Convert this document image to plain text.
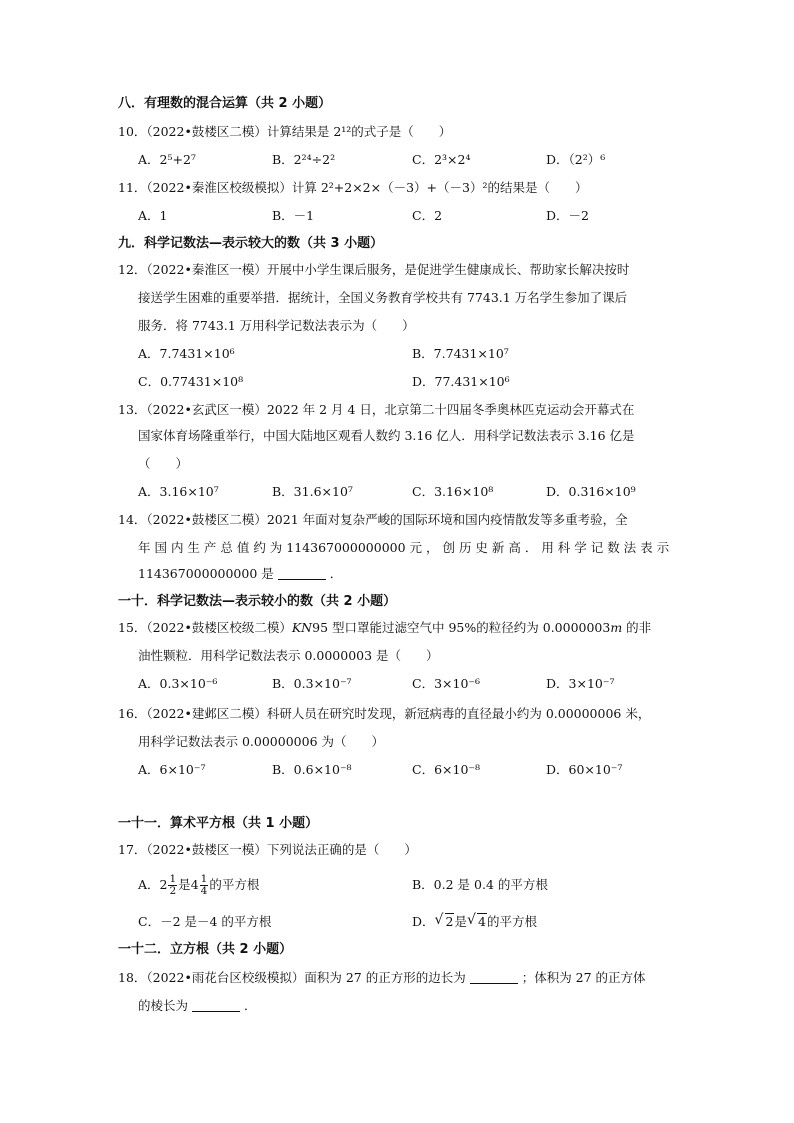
八．有理数的混合运算（共 2 小题）
10．（2022•鼓楼区二模）计算结果是 2¹²的式子是（　　）
A．2⁵+2⁷	B．2²⁴÷2²	C．2³×2⁴	D．（2²）⁶
11．（2022•秦淮区校级模拟）计算 2²+2×2×（－3）+（－3）²的结果是（　　）
A．1	B．－1	C．2	D．－2
九．科学记数法—表示较大的数（共 3 小题）
12．（2022•秦淮区一模）开展中小学生课后服务，是促进学生健康成长、帮助家长解决按时
接送学生困难的重要举措．据统计，全国义务教育学校共有 7743.1 万名学生参加了课后
服务．将 7743.1 万用科学记数法表示为（　　）
A．7.7431×10⁶	B．7.7431×10⁷
C．0.77431×10⁸	D．77.431×10⁶
13．（2022•玄武区一模）2022 年 2 月 4 日，北京第二十四届冬季奥林匹克运动会开幕式在
国家体育场隆重举行，中国大陆地区观看人数约 3.16 亿人．用科学记数法表示 3.16 亿是
（　　）
A．3.16×10⁷	B．31.6×10⁷	C．3.16×10⁸	D．0.316×10⁹
14．（2022•鼓楼区二模）2021 年面对复杂严峻的国际环境和国内疫情散发等多重考验，全
年 国 内 生 产 总 值 约 为 114367000000000 元 ， 创 历 史 新 高 ． 用 科 学 记 数 法 表 示
114367000000000 是	．
一十．科学记数法—表示较小的数（共 2 小题）
15．（2022•鼓楼区校级二模）KN95 型口罩能过滤空气中 95%的粒径约为 0.0000003m 的非
油性颗粒．用科学记数法表示 0.0000003 是（　　）
A．0.3×10⁻⁶	B．0.3×10⁻⁷	C．3×10⁻⁶	D．3×10⁻⁷
16．（2022•建邺区二模）科研人员在研究时发现，新冠病毒的直径最小约为 0.00000006 米，
用科学记数法表示 0.00000006 为（　　）
A．6×10⁻⁷	B．0.6×10⁻⁸	C．6×10⁻⁸	D．60×10⁻⁷
一十一．算术平方根（共 1 小题）
17．（2022•鼓楼区一模）下列说法正确的是（　　）
A．$2 \frac{1}{2}$ 是$4 \frac{1}{4}$ 的平方根	B．0.2 是 0.4 的平方根
C．－2 是－4 的平方根	D． √ 2是 √ 4的平方根
一十二．立方根（共 2 小题）
18．（2022•雨花台区校级模拟）面积为 27 的正方形的边长为	；体积为 27 的正方体
的棱长为	．
